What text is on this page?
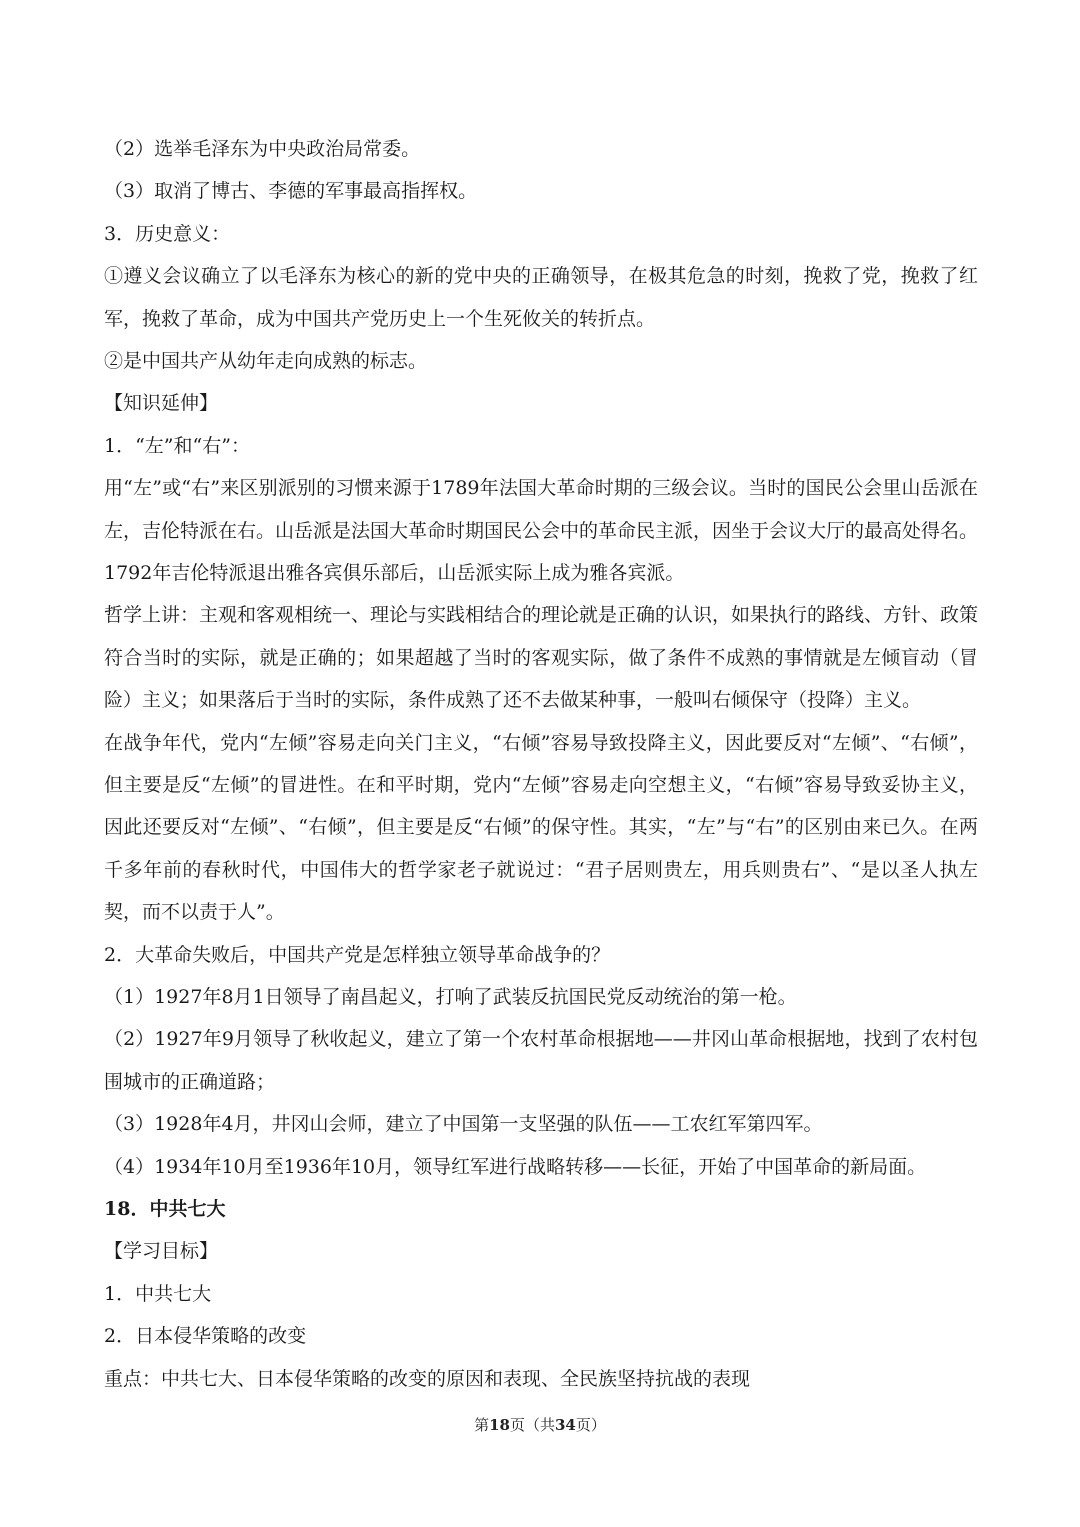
（2）选举毛泽东为中央政治局常委。

（3）取消了博古、李德的军事最高指挥权。

3．历史意义：

①遵义会议确立了以毛泽东为核心的新的党中央的正确领导，在极其危急的时刻，挽救了党，挽救了红军，挽救了革命，成为中国共产党历史上一个生死攸关的转折点。

②是中国共产从幼年走向成熟的标志。

【知识延伸】

1．“左”和“右”：

用“左”或“右”来区别派别的习惯来源于1789年法国大革命时期的三级会议。当时的国民公会里山岳派在左，吉伦特派在右。山岳派是法国大革命时期国民公会中的革命民主派，因坐于会议大厅的最高处得名。1792年吉伦特派退出雅各宾俱乐部后，山岳派实际上成为雅各宾派。

哲学上讲：主观和客观相统一、理论与实践相结合的理论就是正确的认识，如果执行的路线、方针、政策符合当时的实际，就是正确的；如果超越了当时的客观实际，做了条件不成熟的事情就是左倾盲动（冒险）主义；如果落后于当时的实际，条件成熟了还不去做某种事，一般叫右倾保守（投降）主义。

在战争年代，党内“左倾”容易走向关门主义，“右倾”容易导致投降主义，因此要反对“左倾”、“右倾”，但主要是反“左倾”的冒进性。在和平时期，党内“左倾”容易走向空想主义，“右倾”容易导致妥协主义，因此还要反对“左倾”、“右倾”，但主要是反“右倾”的保守性。其实，“左”与“右”的区别由来已久。在两千多年前的春秋时代，中国伟大的哲学家老子就说过：“君子居则贵左，用兵则贵右”、“是以圣人执左契，而不以责于人”。

2．大革命失败后，中国共产党是怎样独立领导革命战争的？

（1）1927年8月1日领导了南昌起义，打响了武装反抗国民党反动统治的第一枪。

（2）1927年9月领导了秋收起义，建立了第一个农村革命根据地——井冈山革命根据地，找到了农村包围城市的正确道路；

（3）1928年4月，井冈山会师，建立了中国第一支坚强的队伍——工农红军第四军。

（4）1934年10月至1936年10月，领导红军进行战略转移——长征，开始了中国革命的新局面。

18．中共七大

【学习目标】

1．中共七大

2．日本侵华策略的改变

重点：中共七大、日本侵华策略的改变的原因和表现、全民族坚持抗战的表现

第18页（共34页）
